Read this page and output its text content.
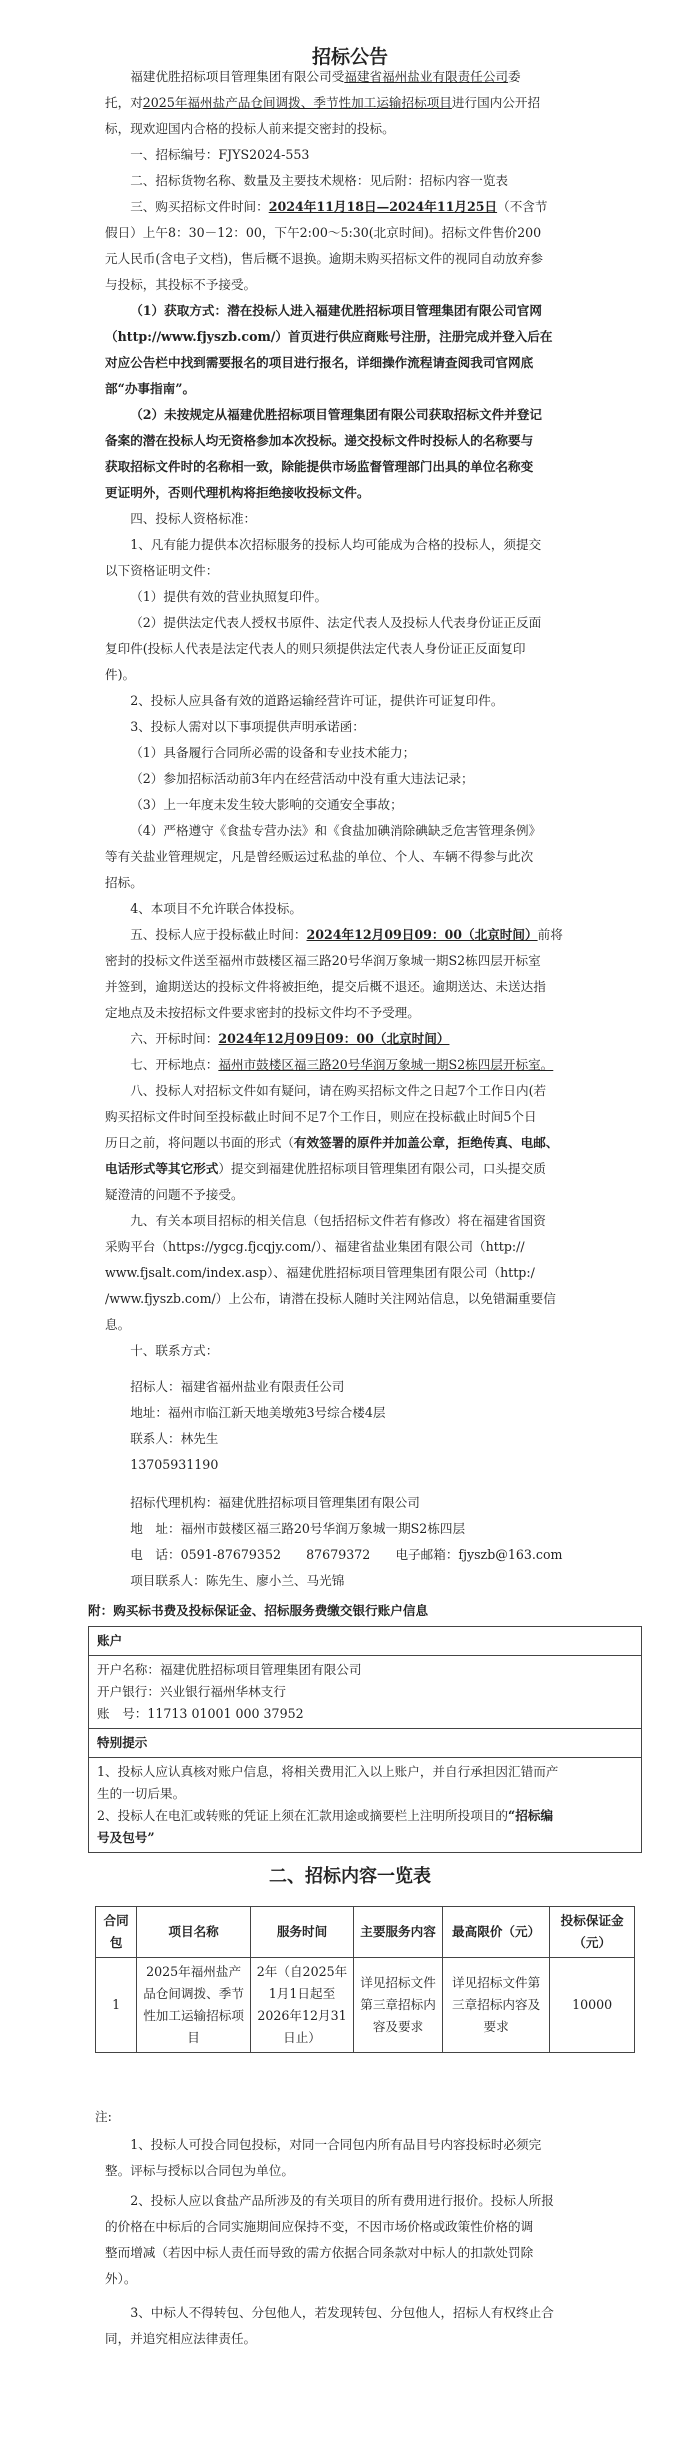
招标公告

福建优胜招标项目管理集团有限公司受福建省福州盐业有限责任公司委
托，对2025年福州盐产品仓间调拨、季节性加工运输招标项目进行国内公开招
标，现欢迎国内合格的投标人前来提交密封的投标。

一、招标编号：FJYS2024-553

二、招标货物名称、数量及主要技术规格：见后附：招标内容一览表

三、购买招标文件时间：2024年11月18日—2024年11月25日（不含节
假日）上午8：30－12：00，下午2:00～5:30(北京时间)。招标文件售价200
元人民币(含电子文档)，售后概不退换。逾期未购买招标文件的视同自动放弃参
与投标，其投标不予接受。

（1）获取方式：潜在投标人进入福建优胜招标项目管理集团有限公司官网
（http://www.fjyszb.com/）首页进行供应商账号注册，注册完成并登入后在
对应公告栏中找到需要报名的项目进行报名，详细操作流程请查阅我司官网底
部“办事指南”。

（2）未按规定从福建优胜招标项目管理集团有限公司获取招标文件并登记
备案的潜在投标人均无资格参加本次投标。递交投标文件时投标人的名称要与
获取招标文件时的名称相一致，除能提供市场监督管理部门出具的单位名称变
更证明外，否则代理机构将拒绝接收投标文件。

四、投标人资格标准：

1、凡有能力提供本次招标服务的投标人均可能成为合格的投标人，须提交
以下资格证明文件：

（1）提供有效的营业执照复印件。

（2）提供法定代表人授权书原件、法定代表人及投标人代表身份证正反面
复印件(投标人代表是法定代表人的则只须提供法定代表人身份证正反面复印
件)。

2、投标人应具备有效的道路运输经营许可证，提供许可证复印件。

3、投标人需对以下事项提供声明承诺函：

（1）具备履行合同所必需的设备和专业技术能力；

（2）参加招标活动前3年内在经营活动中没有重大违法记录；

（3）上一年度未发生较大影响的交通安全事故；

（4）严格遵守《食盐专营办法》和《食盐加碘消除碘缺乏危害管理条例》
等有关盐业管理规定，凡是曾经贩运过私盐的单位、个人、车辆不得参与此次
招标。

4、本项目不允许联合体投标。

五、投标人应于投标截止时间：2024年12月09日09：00（北京时间）前将
密封的投标文件送至福州市鼓楼区福三路20号华润万象城一期S2栋四层开标室
并签到，逾期送达的投标文件将被拒绝，提交后概不退还。逾期送达、未送达指
定地点及未按招标文件要求密封的投标文件均不予受理。

六、开标时间：2024年12月09日09：00（北京时间）

七、开标地点：福州市鼓楼区福三路20号华润万象城一期S2栋四层开标室。

八、投标人对招标文件如有疑问，请在购买招标文件之日起7个工作日内(若
购买招标文件时间至投标截止时间不足7个工作日，则应在投标截止时间5个日
历日之前，将问题以书面的形式（有效签署的原件并加盖公章，拒绝传真、电邮、
电话形式等其它形式）提交到福建优胜招标项目管理集团有限公司，口头提交质
疑澄清的问题不予接受。

九、有关本项目招标的相关信息（包括招标文件若有修改）将在福建省国资
采购平台（https://ygcg.fjcqjy.com/）、福建省盐业集团有限公司（http://
www.fjsalt.com/index.asp）、福建优胜招标项目管理集团有限公司（http:/
/www.fjyszb.com/）上公布，请潜在投标人随时关注网站信息，以免错漏重要信
息。

十、联系方式：

招标人：福建省福州盐业有限责任公司
地址：福州市临江新天地美墩苑3号综合楼4层
联系人：林先生
13705931190

招标代理机构：福建优胜招标项目管理集团有限公司
地　址：福州市鼓楼区福三路20号华润万象城一期S2栋四层
电　话：0591-87679352　　87679372　　电子邮箱：fjyszb@163.com
项目联系人：陈先生、廖小兰、马光锦

附：购买标书费及投标保证金、招标服务费缴交银行账户信息

账户

开户名称：福建优胜招标项目管理集团有限公司
开户银行：兴业银行福州华林支行
账　号：11713 01001 000 37952

特别提示

1、投标人应认真核对账户信息，将相关费用汇入以上账户，并自行承担因汇错而产
生的一切后果。
2、投标人在电汇或转账的凭证上须在汇款用途或摘要栏上注明所投项目的“招标编
号及包号”
二、招标内容一览表
合同包	项目名称	服务时间	主要服务内容	最高限价（元）	投标保证金（元）
1	2025年福州盐产品仓间调拨、季节性加工运输招标项目	2年（自2025年1月1日起至2026年12月31日止）	详见招标文件第三章招标内容及要求	详见招标文件第三章招标内容及要求	10000

注:

1、投标人可投合同包投标，对同一合同包内所有品目号内容投标时必须完
整。评标与授标以合同包为单位。

2、投标人应以食盐产品所涉及的有关项目的所有费用进行报价。投标人所报
的价格在中标后的合同实施期间应保持不变，不因市场价格或政策性价格的调
整而增减（若因中标人责任而导致的需方依据合同条款对中标人的扣款处罚除
外）。

3、中标人不得转包、分包他人，若发现转包、分包他人，招标人有权终止合
同，并追究相应法律责任。
